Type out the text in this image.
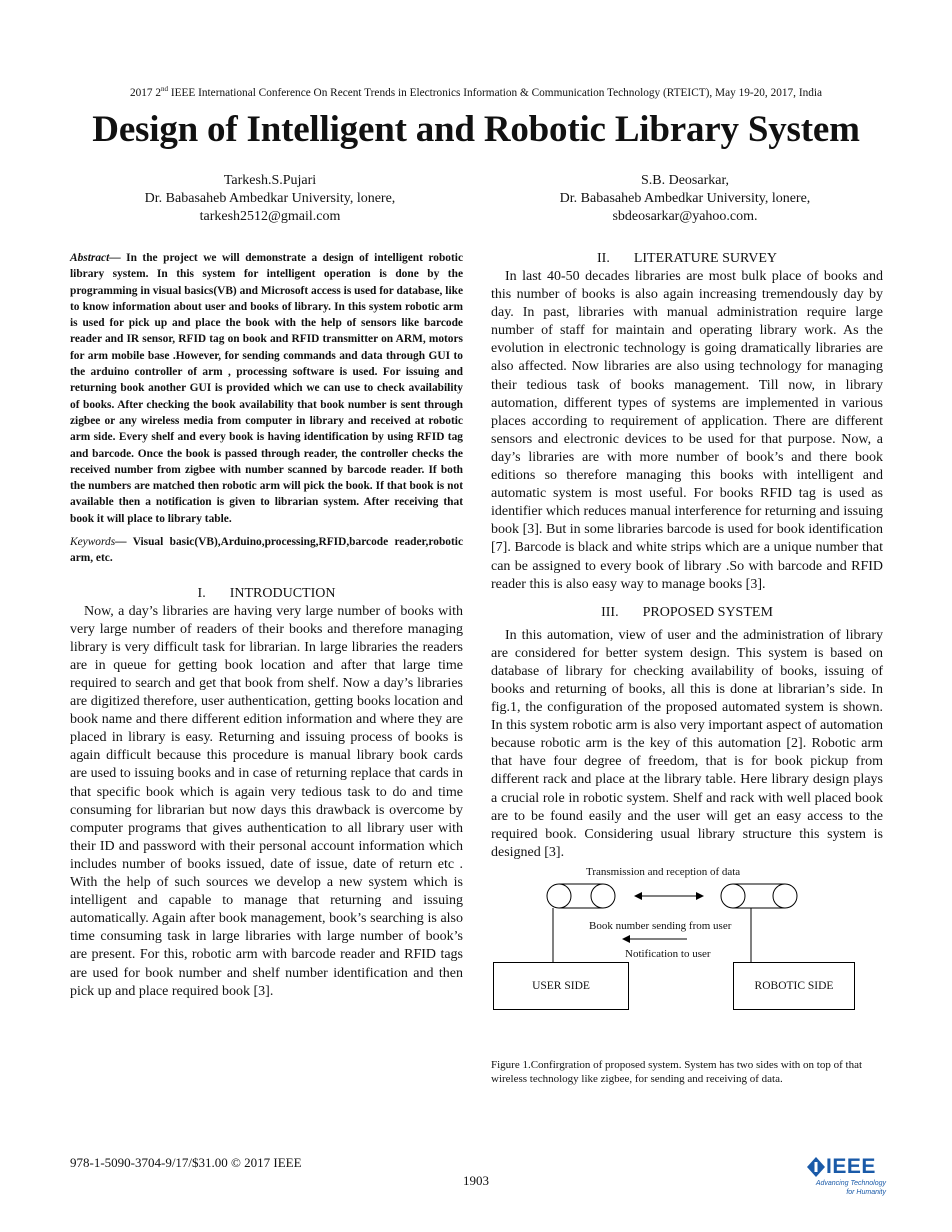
2017 2nd IEEE International Conference On Recent Trends in Electronics Information & Communication Technology (RTEICT), May 19-20, 2017, India
Design of Intelligent and Robotic Library System
Tarkesh.S.Pujari
Dr. Babasaheb Ambedkar University, lonere,
tarkesh2512@gmail.com
S.B. Deosarkar,
Dr. Babasaheb Ambedkar University, lonere,
sbdeosarkar@yahoo.com.

Abstract— In the project we will demonstrate a design of intelligent robotic library system. In this system for intelligent operation is done by the programming in visual basics(VB) and Microsoft access is used for database, like to know information about user and books of library. In this system robotic arm is used for pick up and place the book with the help of sensors like barcode reader and IR sensor, RFID tag on book and RFID transmitter on ARM, motors for arm mobile base .However, for sending commands and data through GUI to the arduino controller of arm , processing software is used. For issuing and returning book another GUI is provided which we can use to check availability of books. After checking the book availability that book number is sent through zigbee or any wireless media from computer in library and received at robotic arm side. Every shelf and every book is having identification by using RFID tag and barcode. Once the book is passed through reader, the controller checks the received number from zigbee with number scanned by barcode reader. If both the numbers are matched then robotic arm will pick the book. If that book is not available then a notification is given to librarian system. After receiving that book it will place to library table.

Keywords— Visual basic(VB),Arduino,processing,RFID,barcode reader,robotic arm, etc.

I. INTRODUCTION

Now, a day’s libraries are having very large number of books with very large number of readers of their books and therefore managing library is very difficult task for librarian. In large libraries the readers are in queue for getting book location and after that large time required to search and get that book from shelf. Now a day’s libraries are digitized therefore, user authentication, getting books location and book name and there different edition information and where they are placed in library is easy. Returning and issuing process of books is again difficult because this procedure is manual library book cards are used to issuing books and in case of returning replace that cards in that specific book which is again very tedious task to do and time consuming for librarian but now days this drawback is overcome by computer programs that gives authentication to all library user with their ID and password with their personal account information which includes number of books issued, date of issue, date of return etc . With the help of such sources we develop a new system which is intelligent and capable to manage that returning and issuing automatically. Again after book management, book’s searching is also time consuming task in large libraries with large number of book’s are present. For this, robotic arm with barcode reader and RFID tags are used for book number and shelf number identification and then pick up and place required book [3].

II. LITERATURE SURVEY

In last 40-50 decades libraries are most bulk place of books and this number of books is also again increasing tremendously day by day. In past, libraries with manual administration require large number of staff for maintain and operating library work. As the evolution in electronic technology is going dramatically libraries are also affected. Now libraries are also using technology for managing their tedious task of books management. Till now, in library automation, different types of systems are implemented in various places according to requirement of application. There are different sensors and electronic devices to be used for that purpose. Now, a day’s libraries are with more number of book’s and there book editions so therefore managing this books with intelligent and automatic system is most useful. For books RFID tag is used as identifier which reduces manual interference for returning and issuing book [3]. But in some libraries barcode is used for book identification [7]. Barcode is black and white strips which are a unique number that can be assigned to every book of library .So with barcode and RFID reader this is also easy way to manage books [3].

III. PROPOSED SYSTEM

In this automation, view of user and the administration of library are considered for better system design. This system is based on database of library for checking availability of books, issuing of books and returning of books, all this is done at librarian’s side. In fig.1, the configuration of the proposed automated system is shown. In this system robotic arm is also very important aspect of automation because robotic arm is the key of this automation [2]. Robotic arm that have four degree of freedom, that is for book pickup from different rack and place at the library table. Here library design plays a crucial role in robotic system. Shelf and rack with well placed book are to be found easily and the user will get an easy access to the required book. Considering usual library structure this system is designed [3].

Transmission and reception of data
Book number sending from user
Notification to user
USER SIDE	ROBOTIC SIDE
Figure 1.Confirgration of proposed system. System has two sides with on top of that wireless technology like zigbee, for sending and receiving of data.
978-1-5090-3704-9/17/$31.00 © 2017 IEEE
1903
IEEE
Advancing Technology
for Humanity
